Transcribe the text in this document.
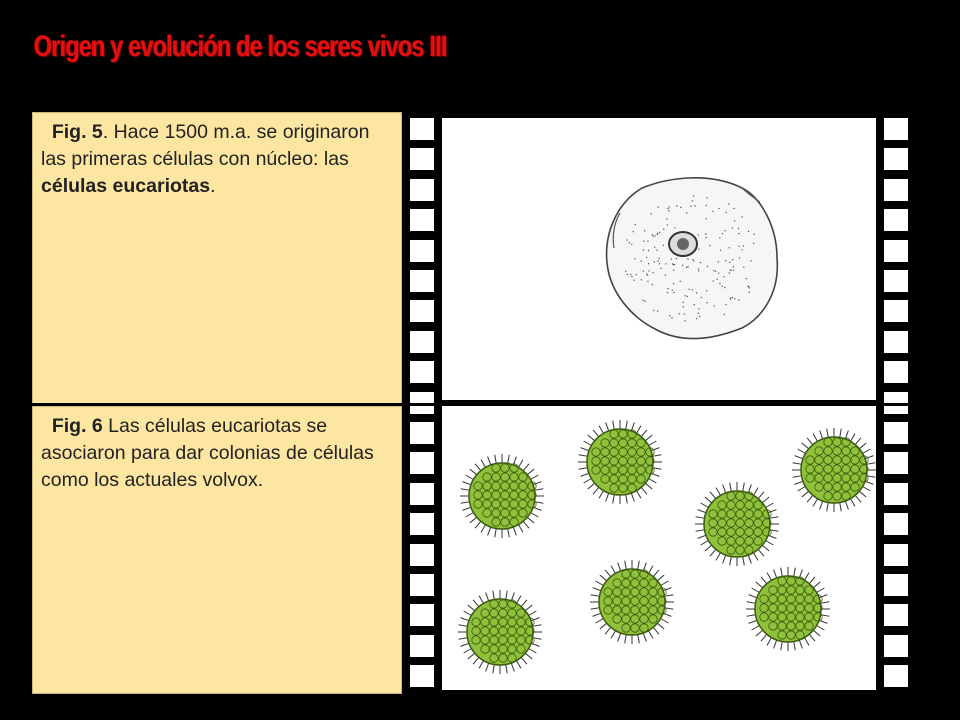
Origen y evolución de los seres vivos III
Fig. 5. Hace 1500 m.a. se originaron las primeras células con núcleo: las células eucariotas.
Fig. 6 Las células eucariotas se asociaron para dar colonias de células como los actuales volvox.
